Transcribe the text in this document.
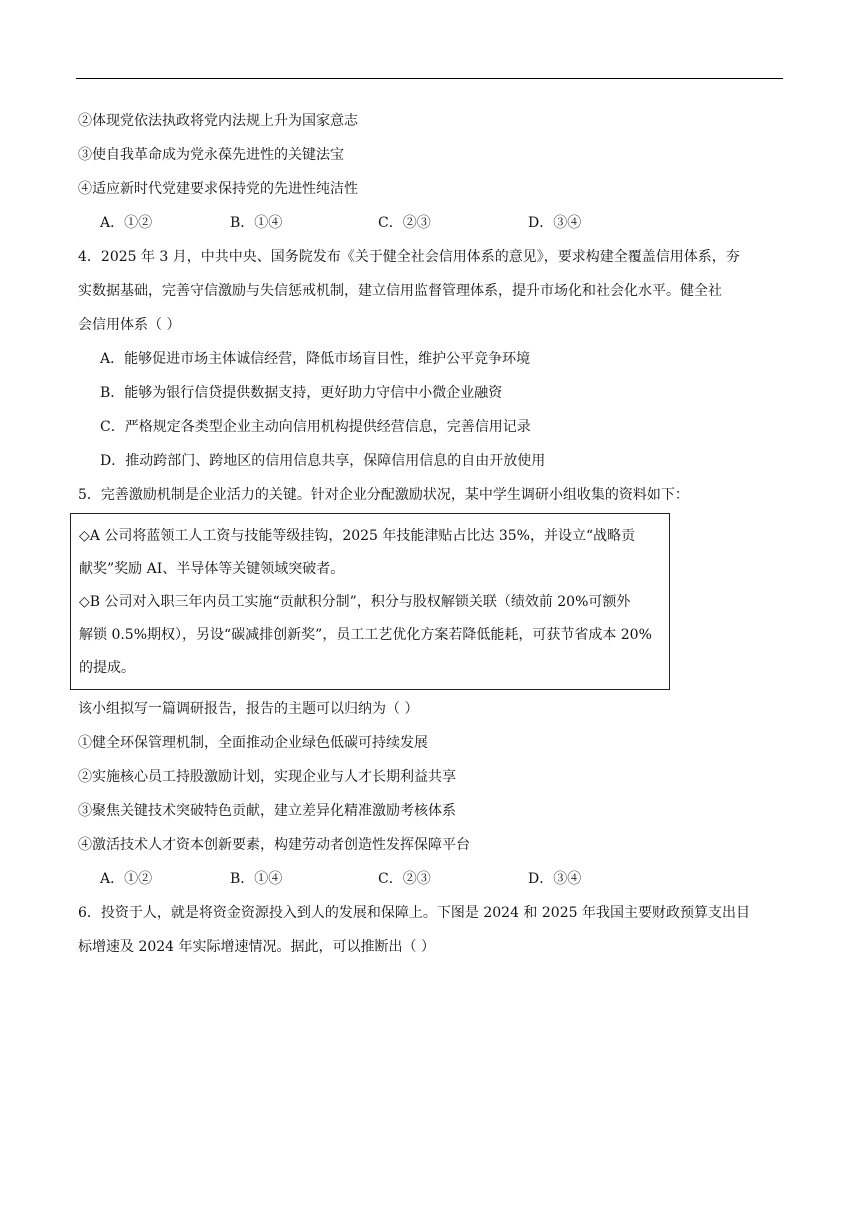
②体现党依法执政将党内法规上升为国家意志
③使自我革命成为党永葆先进性的关键法宝
④适应新时代党建要求保持党的先进性纯洁性
A．①②	B．①④	C．②③	D．③④
4．2025 年 3 月，中共中央、国务院发布《关于健全社会信用体系的意见》，要求构建全覆盖信用体系，夯
实数据基础，完善守信激励与失信惩戒机制，建立信用监督管理体系，提升市场化和社会化水平。健全社
会信用体系（ ）
A．能够促进市场主体诚信经营，降低市场盲目性，维护公平竞争环境
B．能够为银行信贷提供数据支持，更好助力守信中小微企业融资
C．严格规定各类型企业主动向信用机构提供经营信息，完善信用记录
D．推动跨部门、跨地区的信用信息共享，保障信用信息的自由开放使用
5．完善激励机制是企业活力的关键。针对企业分配激励状况，某中学生调研小组收集的资料如下：
◇A 公司将蓝领工人工资与技能等级挂钩，2025 年技能津贴占比达 35%，并设立“战略贡
献奖”奖励 AI、半导体等关键领域突破者。
◇B 公司对入职三年内员工实施“贡献积分制”，积分与股权解锁关联（绩效前 20%可额外
解锁 0.5%期权），另设“碳减排创新奖”，员工工艺优化方案若降低能耗，可获节省成本 20%
的提成。
该小组拟写一篇调研报告，报告的主题可以归纳为（ ）
①健全环保管理机制，全面推动企业绿色低碳可持续发展
②实施核心员工持股激励计划，实现企业与人才长期利益共享
③聚焦关键技术突破特色贡献，建立差异化精准激励考核体系
④激活技术人才资本创新要素，构建劳动者创造性发挥保障平台
A．①②	B．①④	C．②③	D．③④
6．投资于人，就是将资金资源投入到人的发展和保障上。下图是 2024 和 2025 年我国主要财政预算支出目
标增速及 2024 年实际增速情况。据此，可以推断出（ ）
